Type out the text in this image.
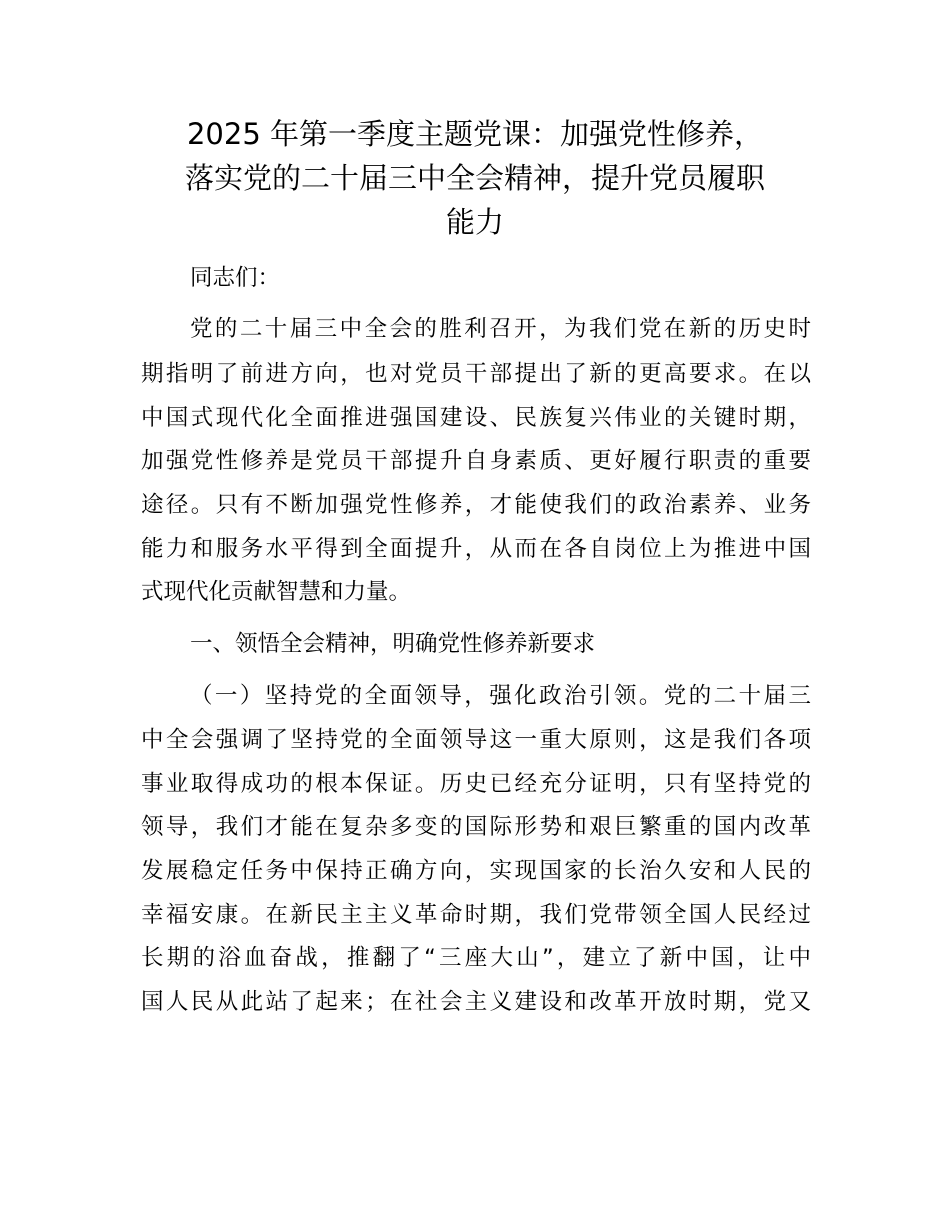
2025 年第一季度主题党课：加强党性修养，
落实党的二十届三中全会精神，提升党员履职
能力
同志们：
党的二十届三中全会的胜利召开，为我们党在新的历史时
期指明了前进方向，也对党员干部提出了新的更高要求。在以
中国式现代化全面推进强国建设、民族复兴伟业的关键时期，
加强党性修养是党员干部提升自身素质、更好履行职责的重要
途径。只有不断加强党性修养，才能使我们的政治素养、业务
能力和服务水平得到全面提升，从而在各自岗位上为推进中国
式现代化贡献智慧和力量。
一、领悟全会精神，明确党性修养新要求
（一）坚持党的全面领导，强化政治引领。党的二十届三
中全会强调了坚持党的全面领导这一重大原则，这是我们各项
事业取得成功的根本保证。历史已经充分证明，只有坚持党的
领导，我们才能在复杂多变的国际形势和艰巨繁重的国内改革
发展稳定任务中保持正确方向，实现国家的长治久安和人民的
幸福安康。在新民主主义革命时期，我们党带领全国人民经过
长期的浴血奋战，推翻了“三座大山”，建立了新中国，让中
国人民从此站了起来；在社会主义建设和改革开放时期，党又
